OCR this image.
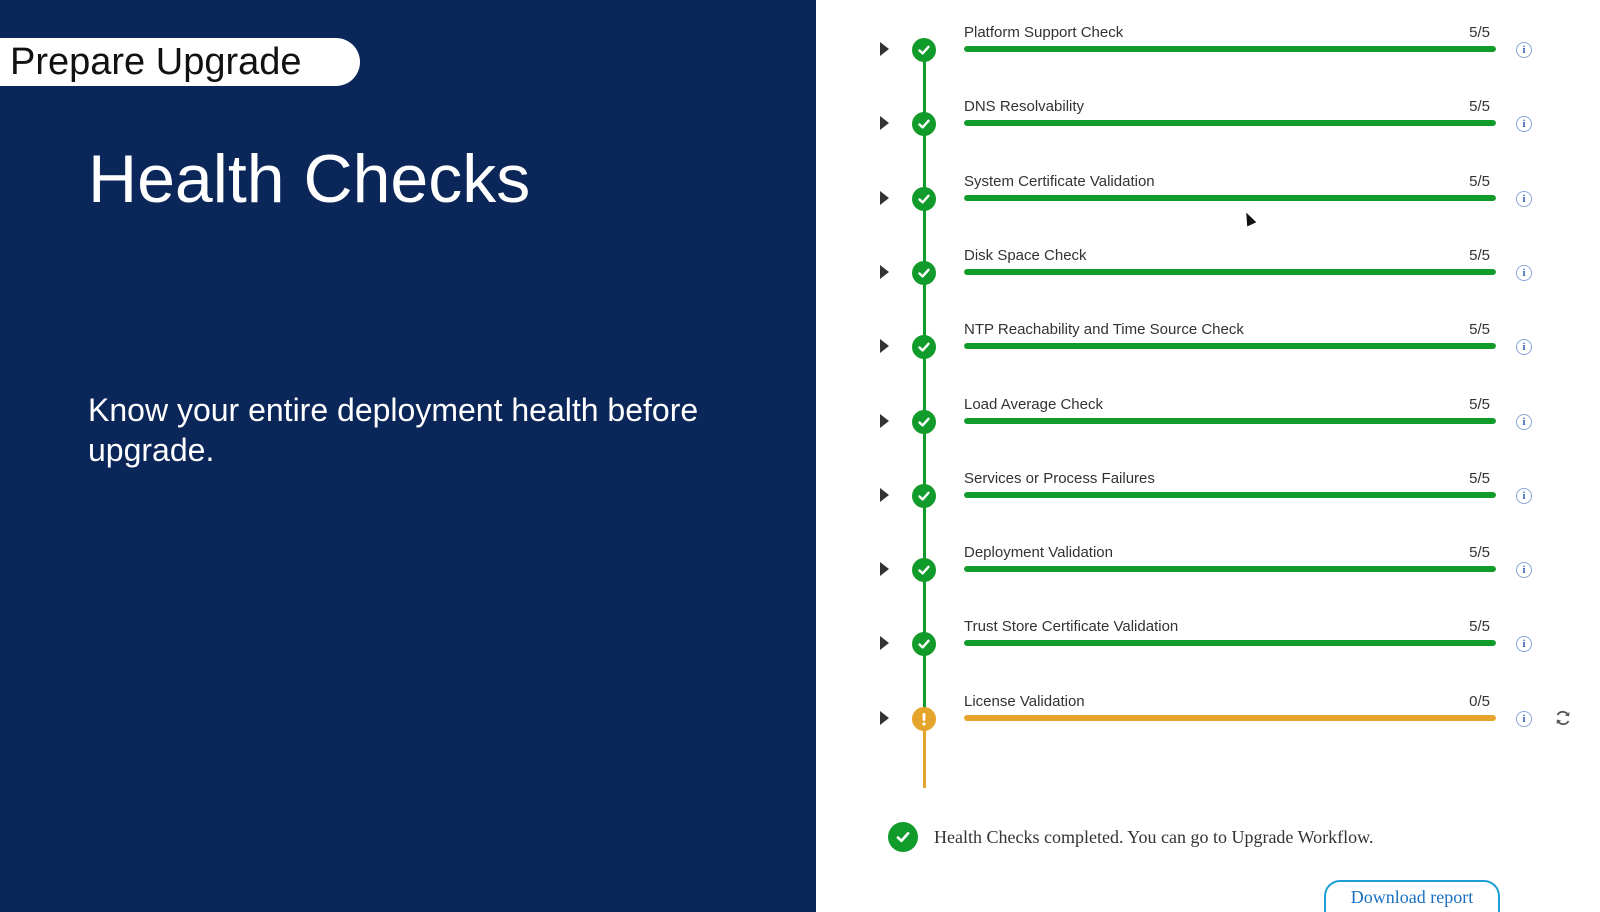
Prepare Upgrade
Health Checks

Know your entire deployment health before upgrade.

Platform Support Check	5/5
i
DNS Resolvability	5/5
i
System Certificate Validation	5/5
i
Disk Space Check	5/5
i
NTP Reachability and Time Source Check	5/5
i
Load Average Check	5/5
i
Services or Process Failures	5/5
i
Deployment Validation	5/5
i
Trust Store Certificate Validation	5/5
i
License Validation	0/5
i
Health Checks completed. You can go to Upgrade Workflow.
Download report
